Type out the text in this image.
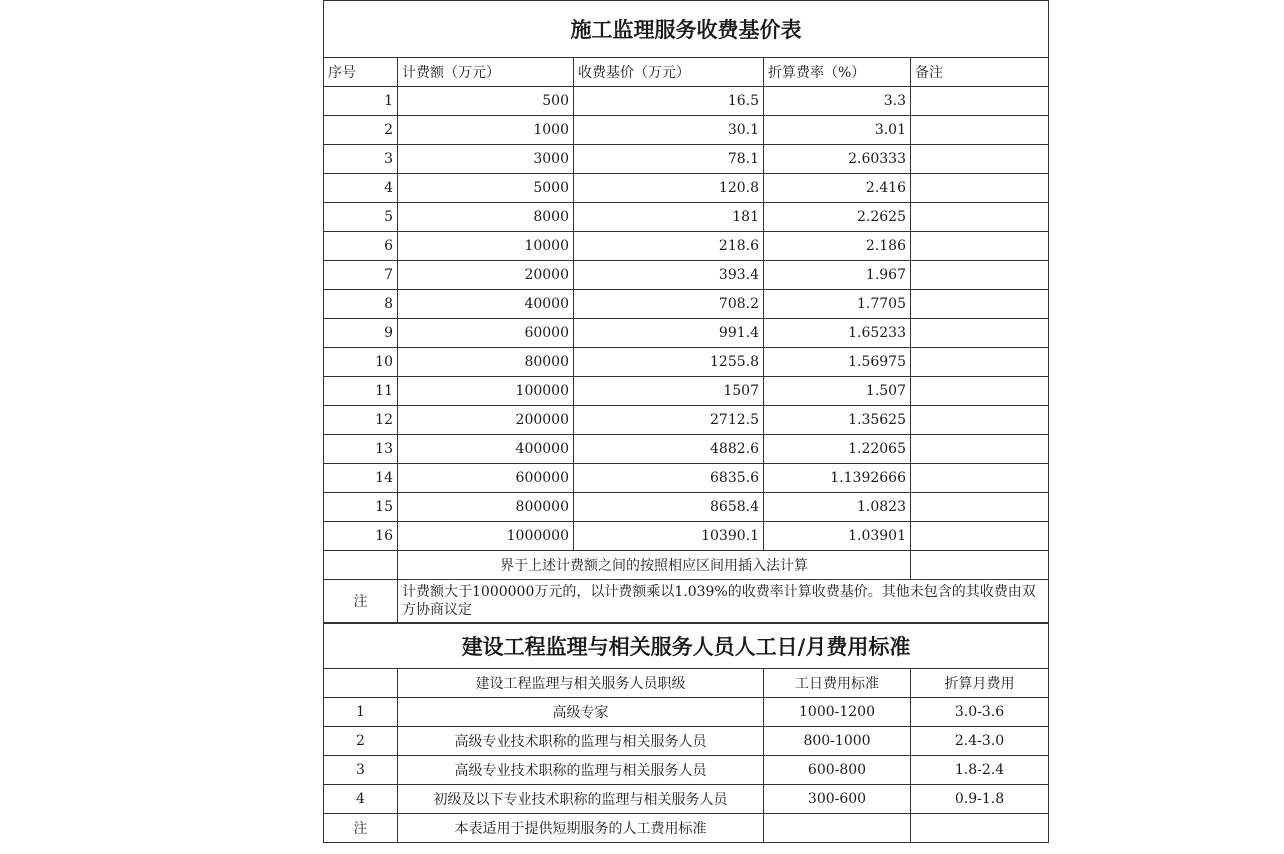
施工监理服务收费基价表				
序号	计费额（万元）	收费基价（万元）	折算费率（%）	备注
1	500	16.5	3.3	
2	1000	30.1	3.01	
3	3000	78.1	2.60333	
4	5000	120.8	2.416	
5	8000	181	2.2625	
6	10000	218.6	2.186	
7	20000	393.4	1.967	
8	40000	708.2	1.7705	
9	60000	991.4	1.65233	
10	80000	1255.8	1.56975	
11	100000	1507	1.507	
12	200000	2712.5	1.35625	
13	400000	4882.6	1.22065	
14	600000	6835.6	1.1392666	
15	800000	8658.4	1.0823	
16	1000000	10390.1	1.03901	
	界于上述计费额之间的按照相应区间用插入法计算			
注	计费额大于1000000万元的，以计费额乘以1.039%的收费率计算收费基价。其他未包含的其收费由双方协商议定			
建设工程监理与相关服务人员人工日/月费用标准			
	建设工程监理与相关服务人员职级	工日费用标准	折算月费用
1	高级专家	1000-1200	3.0-3.6
2	高级专业技术职称的监理与相关服务人员	800-1000	2.4-3.0
3	高级专业技术职称的监理与相关服务人员	600-800	1.8-2.4
4	初级及以下专业技术职称的监理与相关服务人员	300-600	0.9-1.8
注	本表适用于提供短期服务的人工费用标准		
